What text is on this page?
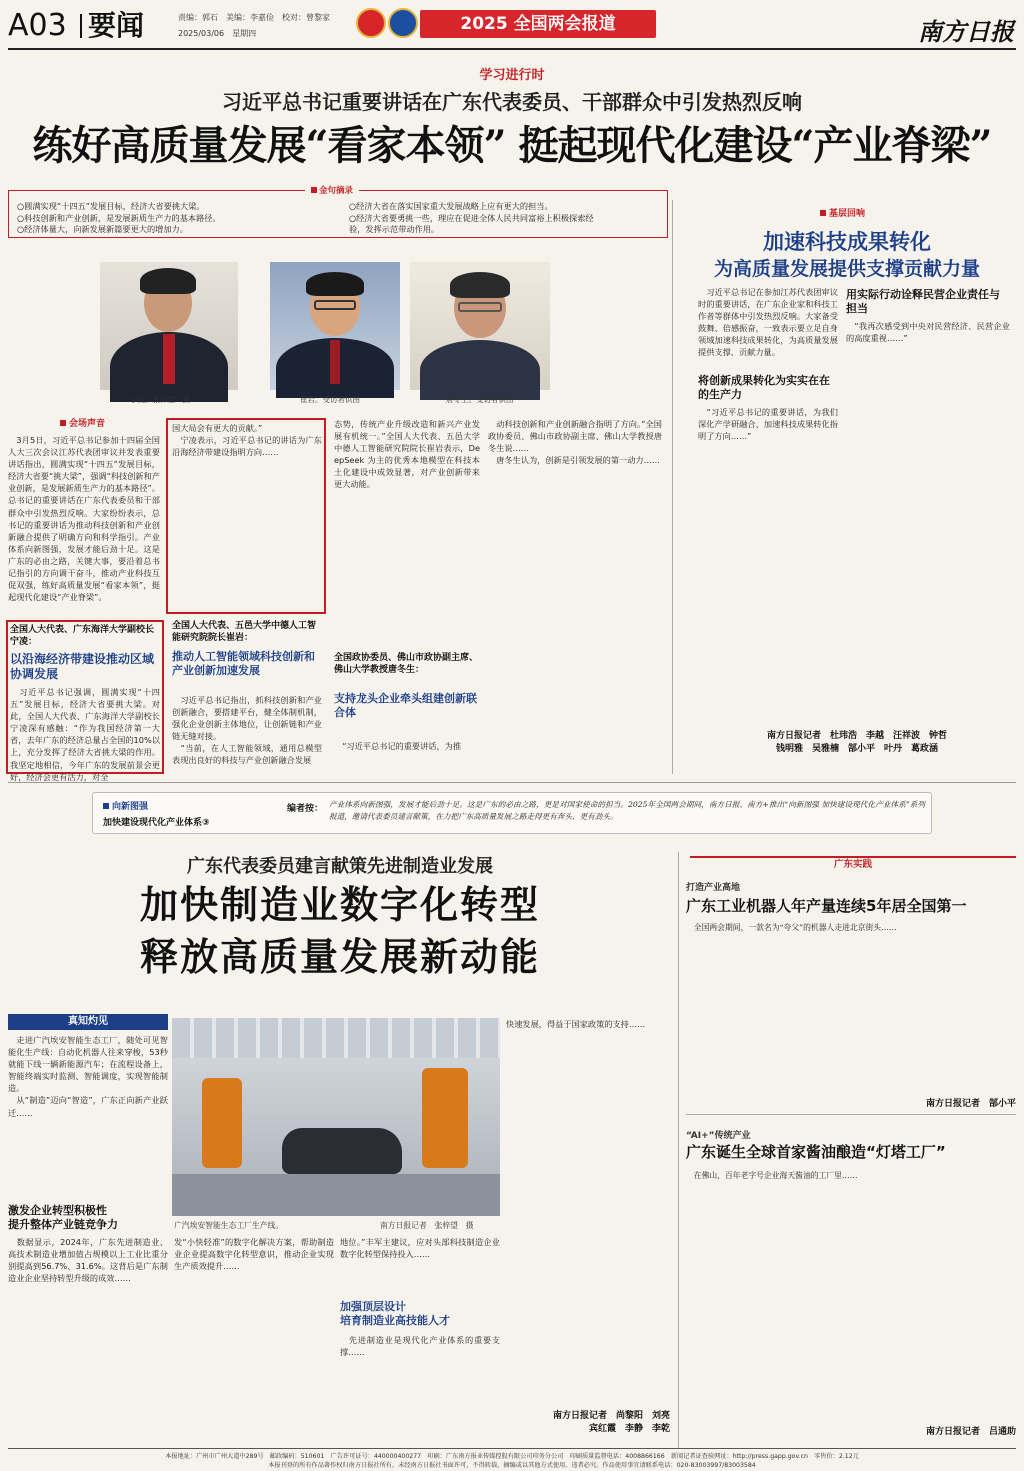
A03 要闻	责编：郭石　美编：李嘉俭　校对：曾黎家
2025/03/06　星期四	2025 全国两会报道	南方日报
学习进行时
习近平总书记重要讲话在广东代表委员、干部群众中引发热烈反响
练好高质量发展“看家本领” 挺起现代化建设“产业脊梁”
金句摘录
○圆满实现“十四五”发展目标，经济大省要挑大梁。
○科技创新和产业创新，是发展新质生产力的基本路径。
○经济体量大，向新发展新篇要更大的增加力。
○经济大省在落实国家重大发展战略上应有更大的担当。
○经济大省要勇挑一些，理应在促进全体人民共同富裕上积极探索经
验，发挥示范带动作用。
宁凌。张梓望　摄	崔岩。受访者供图	唐冬生。受访者供图
会场声音
　3月5日，习近平总书记参加十四届全国人大三次会议江苏代表团审议并发表重要讲话指出，圆满实现“十四五”发展目标，经济大省要“挑大梁”，强调“科技创新和产业创新，是发展新质生产力的基本路径”。总书记的重要讲话在广东代表委员和干部群众中引发热烈反响。大家纷纷表示，总书记的重要讲话为推动科技创新和产业创新融合提供了明确方向和科学指引。产业体系向新图强，发展才能后劲十足。这是广东的必由之路，关键大事，要沿着总书记指引的方向调干奋斗，推动产业科技互促双强，练好高质量发展“看家本领”，挺起现代化建设“产业脊梁”。
全国人大代表、广东海洋大学副校长宁凌：
以沿海经济带建设推动区域协调发展
　习近平总书记强调，圆满实现“十四五”发展目标，经济大省要挑大梁。对此，全国人大代表、广东海洋大学副校长宁凌深有感触：“作为我国经济第一大省，去年广东的经济总量占全国的10%以上，充分发挥了经济大省挑大梁的作用。我坚定地相信，今年广东的发展前景会更好，经济会更有活力，对全
国大局会有更大的贡献。”
　宁凌表示，习近平总书记的讲话为广东沿海经济带建设指明方向……
全国人大代表、五邑大学中德人工智能研究院院长崔岩：
推动人工智能领域科技创新和产业创新加速发展
　习近平总书记指出，抓科技创新和产业创新融合，要搭建平台，健全体制机制，强化企业创新主体地位，让创新链和产业链无缝对接。
　“当前，在人工智能领域，通用总模型表现出良好的科技与产业创新融合发展
态势，传统产业升级改造和新兴产业发展有机统一。”全国人大代表、五邑大学中德人工智能研究院院长崔岩表示，DeepSeek 为主的优秀本地模型在科技本土化建设中成效显著，对产业创新带来更大动能。
全国政协委员、佛山市政协副主席、佛山大学教授唐冬生：
支持龙头企业牵头组建创新联合体
　“习近平总书记的重要讲话，为推
　动科技创新和产业创新融合指明了方向。”全国政协委员、佛山市政协副主席、佛山大学教授唐冬生说……
　唐冬生认为，创新是引领发展的第一动力……
基层回响
加速科技成果转化
为高质量发展提供支撑贡献力量
　习近平总书记在参加江苏代表团审议时的重要讲话，在广东企业家和科技工作者等群体中引发热烈反响。大家备受鼓舞、倍感振奋，一致表示要立足自身领域加速科技成果转化，为高质量发展提供支撑、贡献力量。
将创新成果转化为实实在在的生产力
　“习近平总书记的重要讲话，为我们深化产学研融合、加速科技成果转化指明了方向……”
用实际行动诠释民营企业责任与担当
　“我再次感受到中央对民营经济、民营企业的高度重视……”
南方日报记者　杜玮浩　李越　汪祥波　钟哲
钱明雅　吴雅楠　郜小平　叶丹　葛政涵
向新图强
加快建设现代化产业体系③
编者按： 产业体系向新图强，发展才能后劲十足。这是广东的必由之路，更是对国家使命的担当。2025年全国两会期间，南方日报、南方+推出“向新图强 加快建设现代化产业体系”系列报道，邀请代表委员建言献策，在力把广东高质量发展之路走得更有奔头、更有劲头。
广东代表委员建言献策先进制造业发展
加快制造业数字化转型
释放高质量发展新动能
真知灼见
　走进广汽埃安智能生态工厂，随处可见智能化生产线：自动化机器人往来穿梭，53秒就能下线一辆新能源汽车；在流程设备上，智能终端实时监测、智能调度，实现智能制造。
　从“制造”迈向“智造”，广东正向新产业跃迁……
激发企业转型积极性
提升整体产业链竞争力
　数据显示，2024年，广东先进制造业、高技术制造业增加值占规模以上工业比重分别提高到56.7%、31.6%。这背后是广东制造业企业坚持转型升级的成效……
广汽埃安智能生态工厂生产线。	南方日报记者　张梓望　摄
发“小快轻准”的数字化解决方案，帮助制造业企业提高数字化转型意识，推动企业实现生产质效提升……
地位。”丰军主建议，应对头部科技制造企业数字化转型保持投入……
加强顶层设计
培育制造业高技能人才
　先进制造业是现代化产业体系的重要支撑……
快速发展，得益于国家政策的支持……
南方日报记者　尚黎阳　刘亮
宾红霞　李静　李乾
广东实践
打造产业高地
广东工业机器人年产量连续5年居全国第一
　全国两会期间，一款名为“夸父”的机器人走进北京街头……
南方日报记者　郜小平
“AI+”传统产业
广东诞生全球首家酱油酿造“灯塔工厂”
　在佛山，百年老字号企业海天酱油的工厂里……
南方日报记者　吕通助
本报地址：广州市广州大道中289号　邮政编码：510601　广告许可证号：440000400277　印刷：广东南方报业传媒控股有限公司印务分公司　印刷质量监督电话：4008866166　新闻记者证查验网址：http://press.gapp.gov.cn　零售价：2.12元
本报刊登的所有作品著作权归南方日报社所有，未经南方日报社书面许可，不得转载、摘编或以其他方式使用。违者必究。作品使用事宜请联系电话：020-83003997/83003584
